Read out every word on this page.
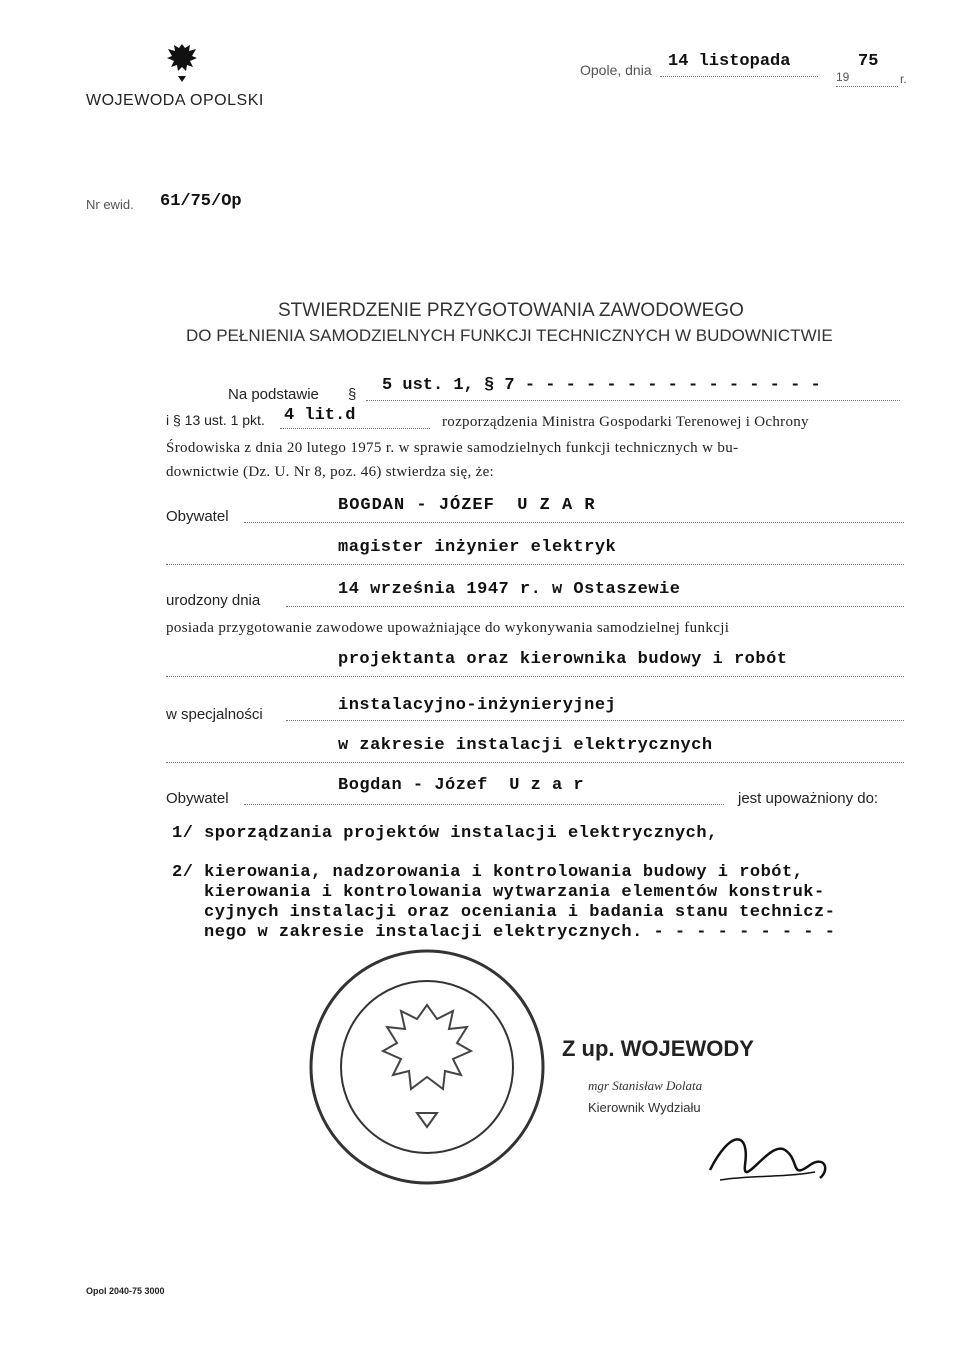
WOJEWODA OPOLSKI
Opole, dnia 14 listopada
19
75
r.
Nr ewid. 61/75/Op
STWIERDZENIE PRZYGOTOWANIA ZAWODOWEGO
DO PEŁNIENIA SAMODZIELNYCH FUNKCJI TECHNICZNYCH W BUDOWNICTWIE
Na podstawie § 5 ust. 1, § 7 - - - - - - - - - - - - - - -
i § 13 ust. 1 pkt. 4 lit.d	rozporządzenia Ministra Gospodarki Terenowej i Ochrony
Środowiska z dnia 20 lutego 1975 r. w sprawie samodzielnych funkcji technicznych w bu-
downictwie (Dz. U. Nr 8, poz. 46) stwierdza się, że:
Obywatel
BOGDAN - JÓZEF  U Z A R
magister inżynier elektryk
urodzony dnia
14 września 1947 r. w Ostaszewie
posiada przygotowanie zawodowe upoważniające do wykonywania samodzielnej funkcji
projektanta oraz kierownika budowy i robót
w specjalności	instalacyjno-inżynieryjnej
w zakresie instalacji elektrycznych
Obywatel
Bogdan - Józef  U z a r
jest upoważniony do:
1/ sporządzania projektów instalacji elektrycznych,
2/ kierowania, nadzorowania i kontrolowania budowy i robót,
kierowania i kontrolowania wytwarzania elementów konstruk-
cyjnych instalacji oraz oceniania i badania stanu technicz-
nego w zakresie instalacji elektrycznych. - - - - - - - - -
Z up. WOJEWODY
mgr Stanisław Dolata
Kierownik Wydziału
Opol 2040-75 3000
